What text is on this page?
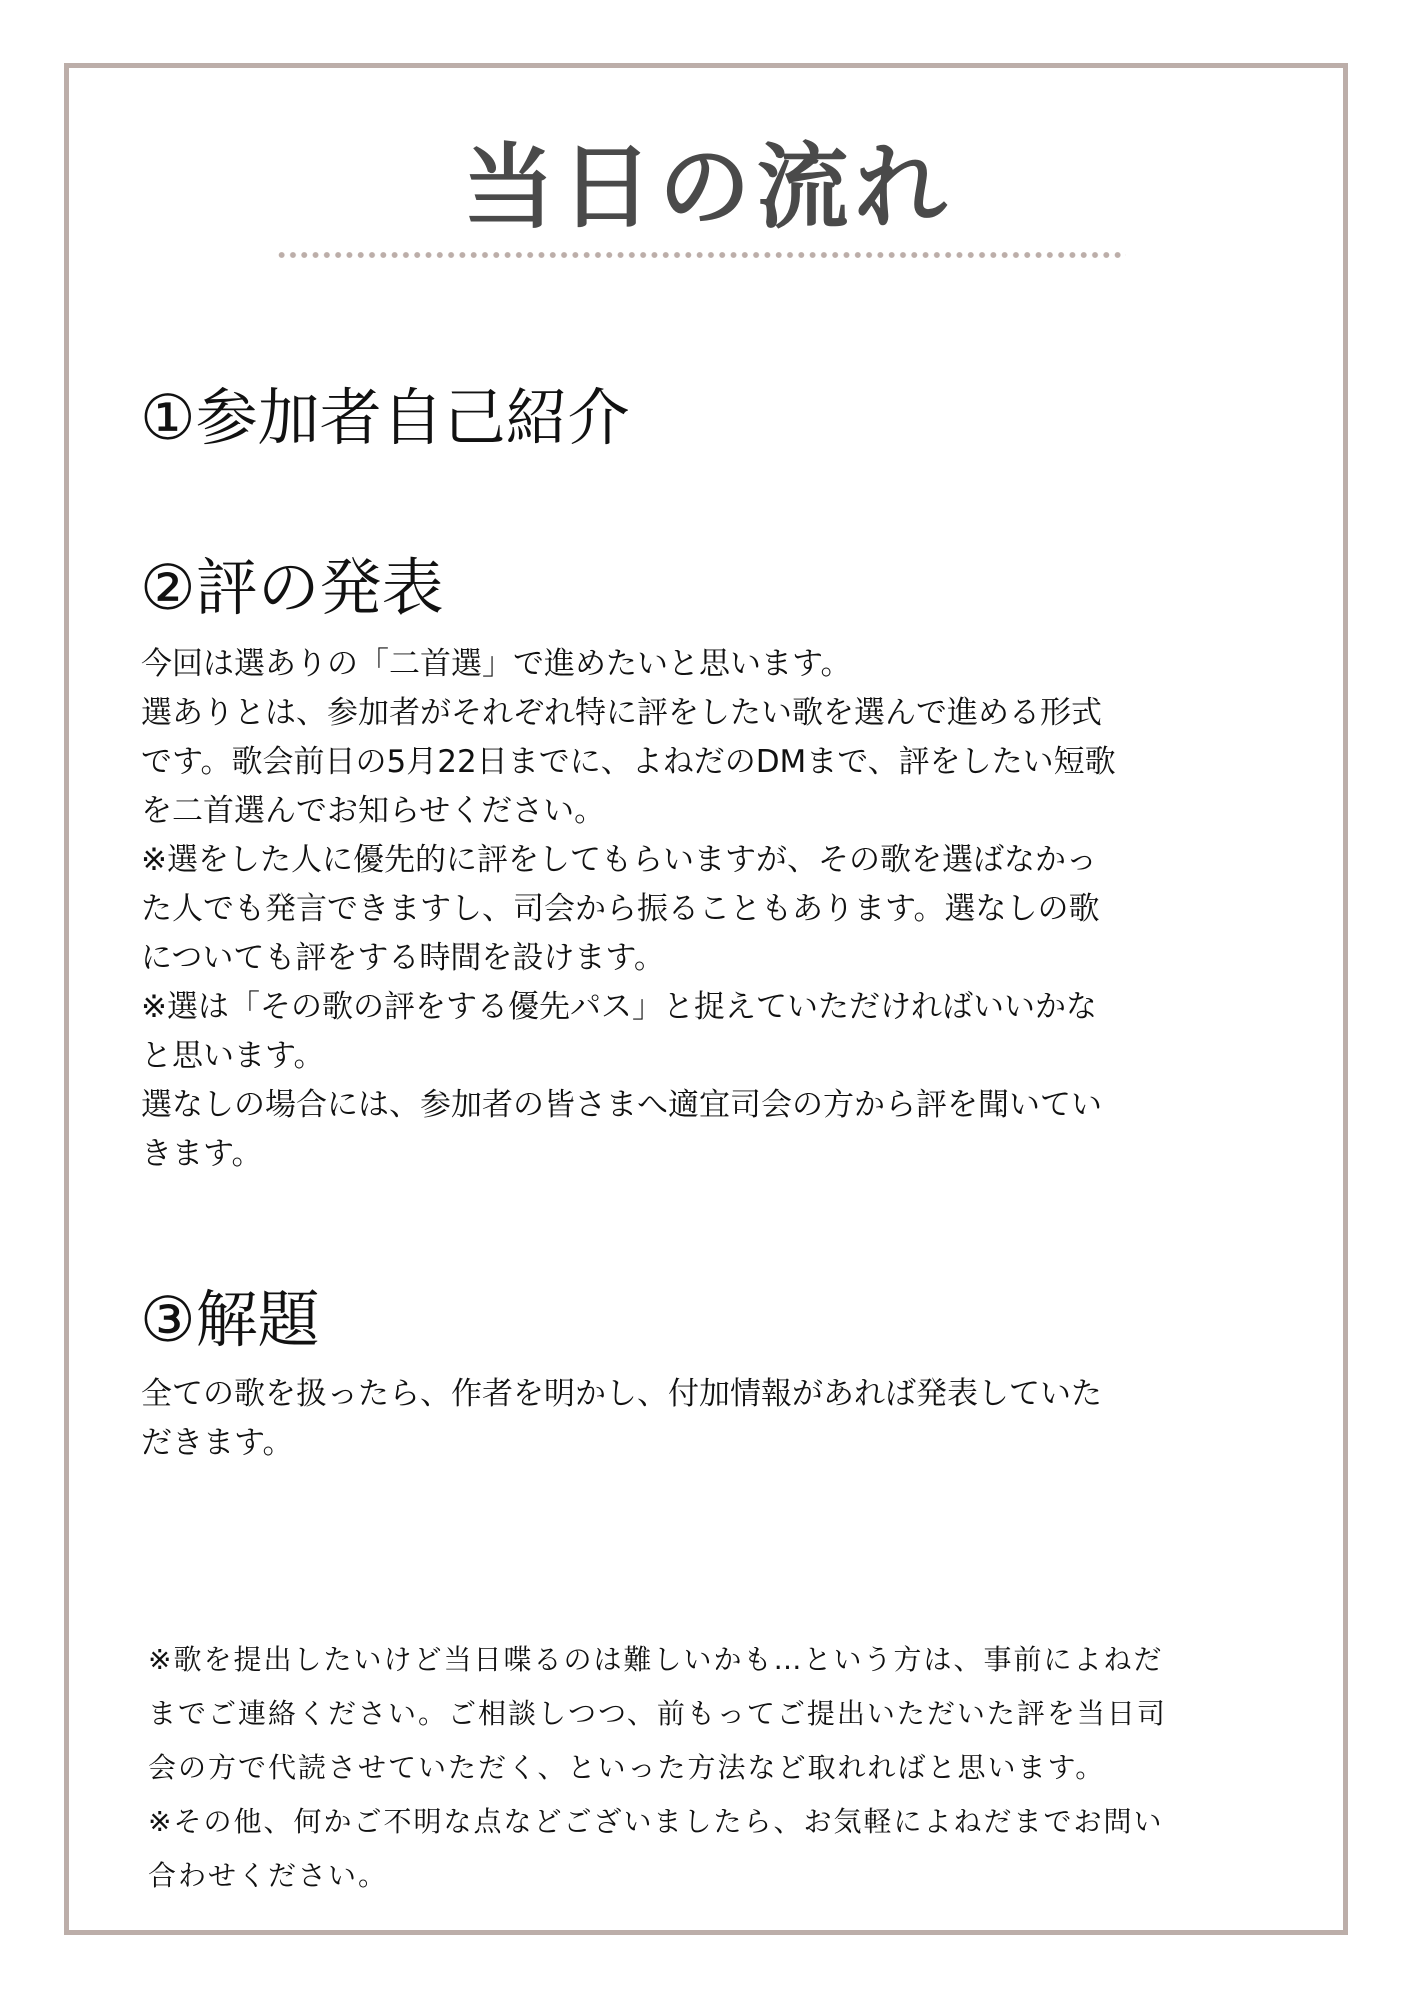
当日の流れ
①参加者自己紹介
②評の発表

今回は選ありの「二首選」で進めたいと思います。

選ありとは、参加者がそれぞれ特に評をしたい歌を選んで進める形式

です。歌会前日の5月22日までに、よねだのDMまで、評をしたい短歌

を二首選んでお知らせください。

※選をした人に優先的に評をしてもらいますが、その歌を選ばなかっ

た人でも発言できますし、司会から振ることもあります。選なしの歌

についても評をする時間を設けます。

※選は「その歌の評をする優先パス」と捉えていただければいいかな

と思います。

選なしの場合には、参加者の皆さまへ適宜司会の方から評を聞いてい

きます。

③解題

全ての歌を扱ったら、作者を明かし、付加情報があれば発表していた

だきます。

※歌を提出したいけど当日喋るのは難しいかも…という方は、事前によねだ

までご連絡ください。ご相談しつつ、前もってご提出いただいた評を当日司

会の方で代読させていただく、といった方法など取れればと思います。

※その他、何かご不明な点などございましたら、お気軽によねだまでお問い

合わせください。
